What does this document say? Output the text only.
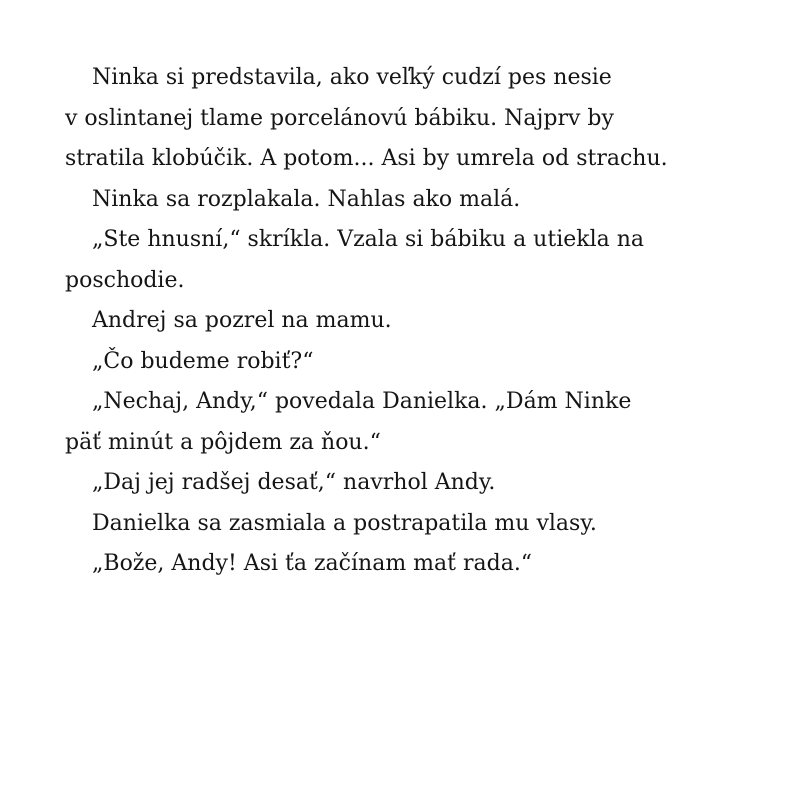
Ninka si predstavila, ako veľký cudzí pes nesie
v oslintanej tlame porcelánovú bábiku. Najprv by
stratila klobúčik. A potom... Asi by umrela od strachu.
Ninka sa rozplakala. Nahlas ako malá.
„Ste hnusní,“ skríkla. Vzala si bábiku a utiekla na
poschodie.
Andrej sa pozrel na mamu.
„Čo budeme robiť?“
„Nechaj, Andy,“ povedala Danielka. „Dám Ninke
päť minút a pôjdem za ňou.“
„Daj jej radšej desať,“ navrhol Andy.
Danielka sa zasmiala a postrapatila mu vlasy.
„Bože, Andy! Asi ťa začínam mať rada.“
